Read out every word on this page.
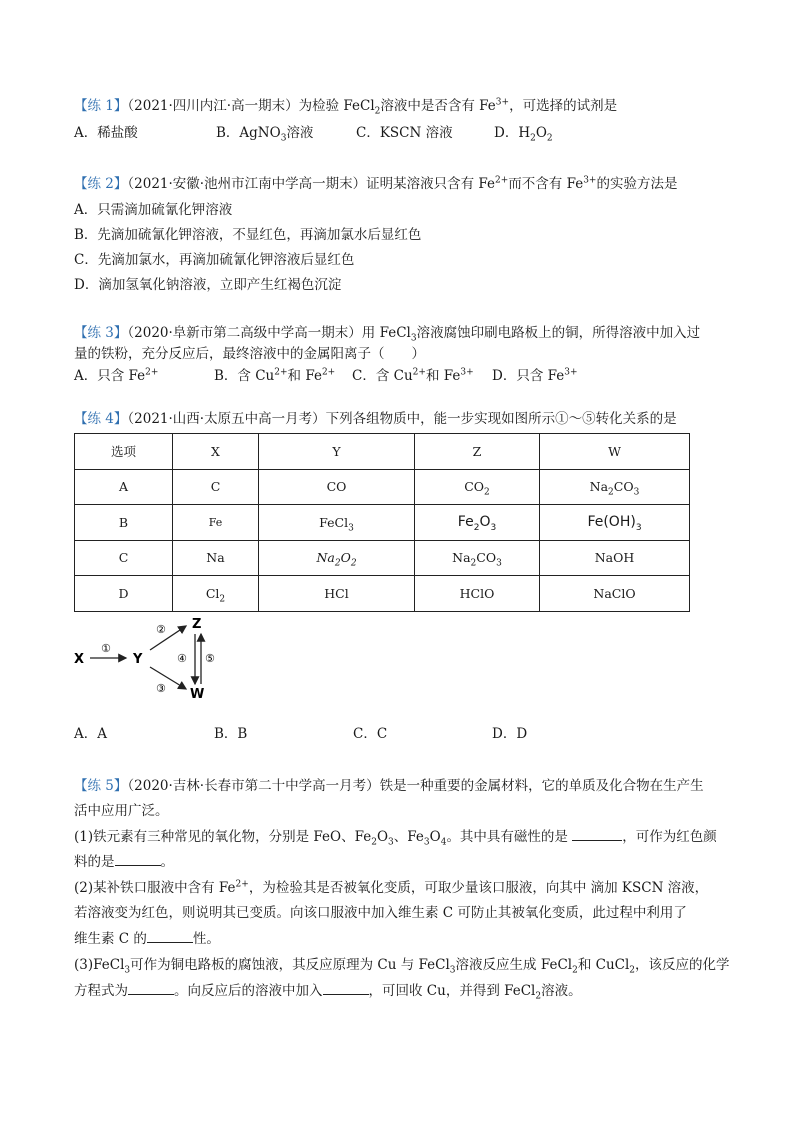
【练 1】（2021·四川内江·高一期末）为检验 FeCl$_2$溶液中是否含有 $Fe^{3+}$，可选择的试剂是
A．稀盐酸	B．AgNO$_3$溶液	C．KSCN 溶液	D．$H_2O_2$
【练 2】（2021·安徽·池州市江南中学高一期末）证明某溶液只含有 $Fe^{2+}$而不含有 $Fe^{3+}$的实验方法是
A．只需滴加硫氰化钾溶液
B．先滴加硫氰化钾溶液，不显红色，再滴加氯水后显红色
C．先滴加氯水，再滴加硫氰化钾溶液后显红色
D．滴加氢氧化钠溶液，立即产生红褐色沉淀
【练 3】（2020·阜新市第二高级中学高一期末）用 FeCl$_3$溶液腐蚀印刷电路板上的铜，所得溶液中加入过
量的铁粉，充分反应后，最终溶液中的金属阳离子（　　）
A．只含 $Fe^{2+}$	B．含 $Cu^{2+}$和 $Fe^{2+}$ C．含 $Cu^{2+}$和 $Fe^{3+}$ D．只含 $Fe^{3+}$
【练 4】（2021·山西·太原五中高一月考）下列各组物质中，能一步实现如图所示①～⑤转化关系的是
选项	X	Y	Z	W
A	C	CO	$CO_2$	$Na_2CO_3$
B	Fe	FeCl$_3$	$Fe_2O_3$	$Fe(OH)_3$
C	Na	$Na_2O_2$	$Na_2CO_3$	NaOH
D	$Cl_2$	HCl	HClO	NaClO
X
①
Y
②
③
Z
W
④ ⑤
A．A	B．B	C．C	D．D
【练 5】（2020·吉林·长春市第二十中学高一月考）铁是一种重要的金属材料，它的单质及化合物在生产生
活中应用广泛。
(1)铁元素有三种常见的氧化物，分别是 FeO、$Fe_2O_3$、$Fe_3O_4$。其中具有磁性的是	，可作为红色颜
料的是	。
(2)某补铁口服液中含有 $Fe^{2+}$，为检验其是否被氧化变质，可取少量该口服液，向其中 滴加 KSCN 溶液，
若溶液变为红色，则说明其已变质。向该口服液中加入维生素 C 可防止其被氧化变质，此过程中利用了
维生素 C 的	性。
(3)FeCl$_3$可作为铜电路板的腐蚀液，其反应原理为 Cu 与 FeCl$_3$溶液反应生成 FeCl$_2$和 CuCl$_2$，该反应的化学
方程式为	。向反应后的溶液中加入	，可回收 Cu，并得到 FeCl$_2$溶液。
